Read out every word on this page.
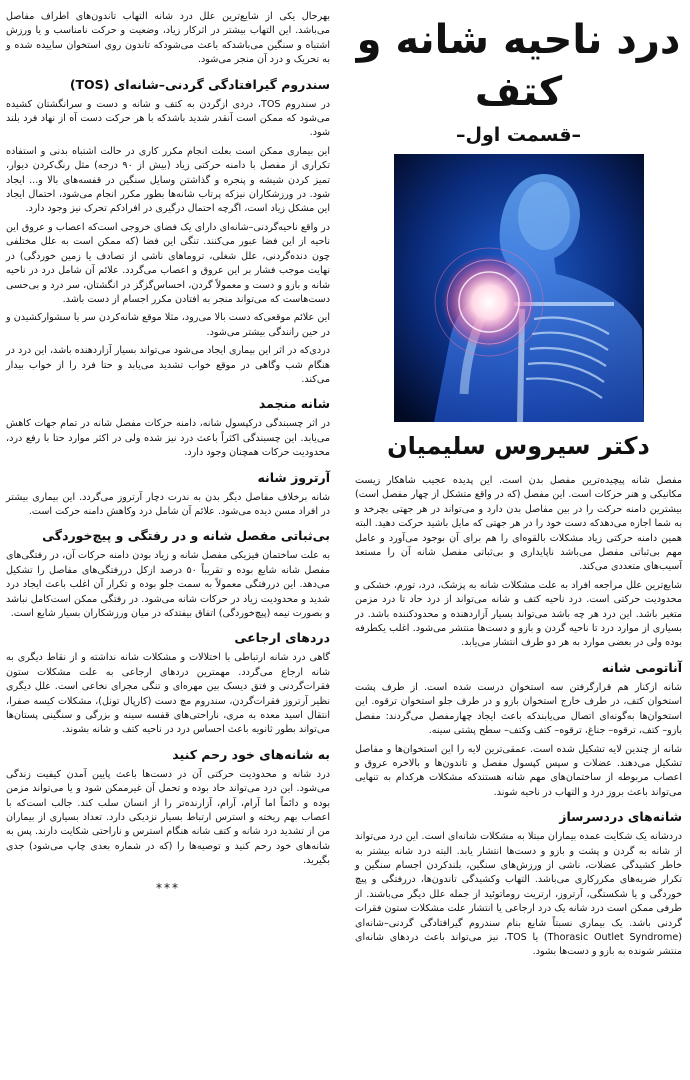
درد ناحیه شانه و کتف
–قسمت اول–
دکتر سیروس سلیمیان

مفصل شانه پیچیده‌ترین مفصل بدن است. این پدیده عجیب شاهکار زیست مکانیکی و هنر حرکات است. این مفصل (که در واقع متشکل از چهار مفصل است) بیشترین دامنه حرکت را در بین مفاصل بدن دارد و می‌تواند در هر جهتی بچرخد و به شما اجازه می‌دهدکه دست خود را در هر جهتی که مایل باشید حرکت دهید. البته همین دامنه حرکتی زیاد مشکلات بالقوه‌ای را هم برای آن بوجود می‌آورد و عامل مهم بی‌ثباتی مفصل می‌باشد ناپایداری و بی‌ثباتی مفصل شانه آن را مستعد آسیب‌های متعددی می‌کند.

شایع‌ترین علل مراجعه افراد به علت مشکلات شانه به پزشک، درد، تورم، خشکی و محدودیت حرکتی است. درد ناحیه کتف و شانه می‌تواند از درد حاد تا درد مزمن متغیر باشد. این درد هر چه باشد می‌تواند بسیار آزاردهنده و محدودکننده باشد. در بسیاری از موارد درد تا ناحیه گردن و بازو و دست‌ها منتشر می‌شود. اغلب یکطرفه بوده ولی در بعضی موارد به هر دو طرف انتشار می‌یابد.

آناتومی شانه

شانه ازکنار هم قرارگرفتن سه استخوان درست شده است. از طرف پشت استخوان کتف، در طرف خارج استخوان بازو و در طرف جلو استخوان ترقوه. این استخوان‌ها به‌گونه‌ای اتصال می‌یابندکه باعث ایجاد چهارمفصل می‌گردند: مفصل بازو– کتف، ترقوه– جناغ، ترقوه– کتف وکتف– سطح پشتی سینه.

شانه از چندین لایه تشکیل شده است. عمقی‌ترین لایه را این استخوان‌ها و مفاصل تشکیل می‌دهند. عضلات و سپس کپسول مفصل و تاندون‌ها و بالاخره عروق و اعصاب مربوطه از ساختمان‌های مهم شانه هستندکه مشکلات هرکدام به تنهایی می‌تواند باعث بروز درد و التهاب در ناحیه شوند.

شانه‌های دردسرساز

درد‌شانه یک شکایت عمده بیماران مبتلا به مشکلات شانه‌ای است. این درد می‌تواند از شانه به گردن و پشت و بازو و دست‌ها انتشار یابد. البته درد شانه بیشتر به خاطر کشیدگی عضلات، ناشی از ورزش‌های سنگین، بلندکردن اجسام سنگین و تکرار ضربه‌های مکرر‌کاری می‌باشد. التهاب وکشیدگی تاندون‌ها، دررفتگی و پیچ‌ خوردگی و یا شکستگی، آرتروز، ارتریت روماتوئید از جمله علل دیگر می‌باشند. از طرفی ممکن است درد شانه یک درد ارجاعی یا انتشار علت مشکلات ستون فقرات گردنی باشد. یک بیماری نسبتاً شایع بنام سندروم گیرافتادگی گردنی–شانه‌ای (Thorasic Outlet Syndrome) یا TOS، نیز می‌تواند باعث دردهای شانه‌ای منتشر شونده به بازو و دست‌ها بشود.

بهرحال یکی از شایع‌ترین علل درد شانه التهاب تاندون‌های اطراف مفاصل می‌باشد. این التهاب بیشتر در اثرکار زیاد، وضعیت و حرکت نامناسب و یا ورزش اشتباه و سنگین می‌باشدکه باعث می‌شودکه تاندون روی استخوان ساییده شده و به تحریک و درد آن منجر می‌شود.

سندروم گیرافتادگی گردنی–شانه‌ای (TOS)

در سندروم TOS، دردی ازگردن به کتف و شانه و دست و سرانگشتان کشیده می‌شود که ممکن است آنقدر شدید باشدکه با هر حرکت دست آه از نهاد فرد بلند شود.

این بیماری ممکن است بعلت انجام مکرر کاری در حالت اشتباه بدنی و استفاده تکراری از مفصل با دامنه حرکتی زیاد (بیش از ۹۰ درجه) مثل رنگ‌کردن دیوار، تمیز کردن شیشه و پنجره و گذاشتن وسایل سنگین در قفسه‌های بالا و... ایجاد شود. در ورزشکاران نیزکه پرتاب شانه‌ها بطور مکرر انجام می‌شود، احتمال ایجاد این مشکل زیاد است، اگرچه احتمال درگیری در افرادکم تحرک نیز وجود دارد.

در واقع ناحیه‌گردنی–شانه‌ای دارای یک فضای خروجی است‌که اعصاب و عروق این ناحیه از این فضا عبور می‌کنند. تنگی این فضا (که ممکن است به علل مختلفی چون دنده‌گردنی، علل شغلی، تروماهای ناشی از تصادف یا زمین‌ خوردگی) در نهایت موجب فشار بر این عروق و اعصاب می‌گردد. علائم آن شامل درد در ناحیه شانه و بازو و دست و معمولاً گردن، احساس‌گزگز در انگشتان، سر درد و بی‌حسی دست‌هاست که می‌تواند منجر به افتادن مکرر اجسام از دست باشد.

این علائم موقعی‌که دست بالا می‌رود، مثلا موقع شانه‌کردن سر یا سشوارکشیدن و در حین رانندگی بیشتر می‌شود.

دردی‌که در اثر این بیماری ایجاد می‌شود می‌تواند بسیار آزاردهنده باشد، این درد در هنگام شب وگاهی در موقع خواب تشدید می‌یابد و حتا فرد را از خواب بیدار می‌کند.

شانه منجمد

در اثر چسبندگی درکپسول شانه، دامنه حرکات مفصل شانه در تمام جهات کاهش می‌یابد. این چسبندگی اکثراً باعث درد نیز شده ولی در اکثر موارد حتا با رفع درد، محدودیت حرکات همچنان وجود دارد.

آرتروز شانه

شانه برخلاف مفاصل دیگر بدن به ندرت دچار آرتروز می‌گردد. این بیماری بیشتر در افراد مسن دیده می‌شود. علائم آن شامل درد وکاهش دامنه حرکت است.

بی‌ثباتی مفصل شانه و در رفتگی و پیچ‌خوردگی

به علت ساختمان فیزیکی مفصل شانه و زیاد بودن دامنه حرکات آن، در رفتگی‌های مفصل شانه شایع بوده و تقریباً ۵۰ درصد ازکل دررفتگی‌های مفاصل را تشکیل می‌دهد. این دررفتگی معمولاً به سمت جلو بوده و تکرار آن اغلب باعث ایجاد درد شدید و محدودیت زیاد در حرکات شانه می‌شود. در رفتگی ممکن است‌کامل نباشد و بصورت نیمه (پیچ‌خوردگی) اتفاق بیفتدکه در میان ورزشکاران بسیار شایع است.

دردهای ارجاعی

گاهی درد شانه ارتباطی با اختلالات و مشکلات شانه نداشته و از نقاط دیگری به شانه ارجاع می‌گردد. مهمترین دردهای ارجاعی به علت مشکلات ستون فقرات‌گردنی و فتق دیسک بین مهره‌ای و تنگی مجرای نخاعی است. علل دیگری نظیر آرتروز فقرات‌گردن، سندروم مچ دست (کارپال تونل)، مشکلات کیسه صفرا، انتقال اسید معده به مری، ناراحتی‌های قفسه سینه و بزرگی و سنگینی پستان‌ها می‌تواند بطور ثانویه باعث احساس درد در ناحیه کتف و شانه بشوند.

به شانه‌های خود رحم کنید

درد شانه و محدودیت حرکتی آن در دست‌ها باعث پایین آمدن کیفیت زندگی می‌شود. این درد می‌تواند حاد بوده و تحمل آن غیرممکن شود و یا می‌تواند مزمن بوده و دائماً اما آرام، آرام، آزارنده‌تر را از انسان سلب کند. جالب است‌که با اعصاب بهم ریخته و استرس ارتباط بسیار نزدیکی دارد. تعداد بسیاری از بیماران من از تشدید درد شانه و کتف شانه هنگام استرس و ناراحتی شکایت دارند. پس به شانه‌های خود رحم کنید و توصیه‌ها را (که در شماره بعدی چاپ می‌شود) جدی بگیرید.

***
